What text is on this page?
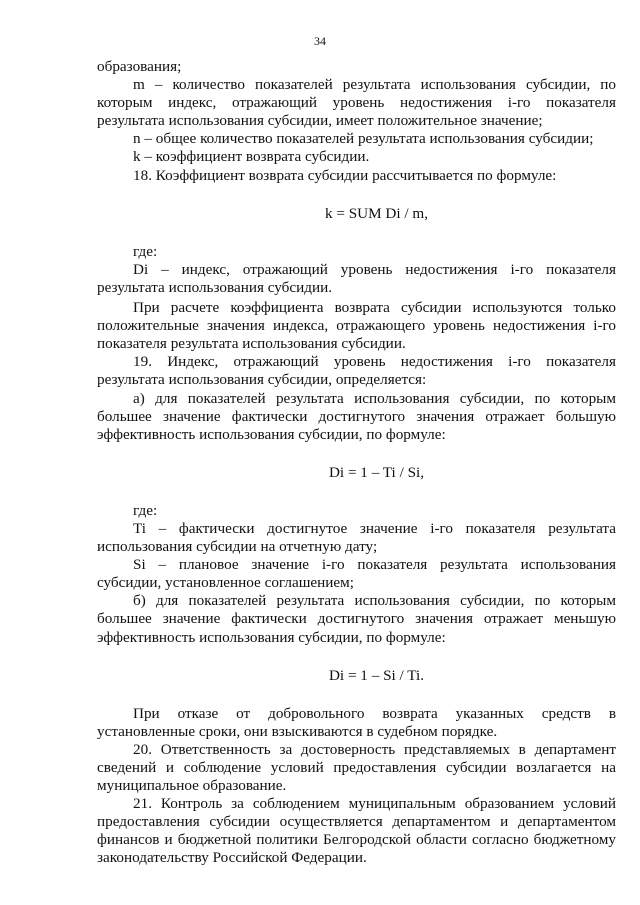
34

образования;

m – количество показателей результата использования субсидии, по которым индекс, отражающий уровень недостижения i-го показателя результата использования субсидии, имеет положительное значение;

n – общее количество показателей результата использования субсидии;

k – коэффициент возврата субсидии.

18. Коэффициент возврата субсидии рассчитывается по формуле:

k = SUM Di / m,

где:

Di – индекс, отражающий уровень недостижения i-го показателя результата использования субсидии.

При расчете коэффициента возврата субсидии используются только положительные значения индекса, отражающего уровень недостижения i-го показателя результата использования субсидии.

19. Индекс, отражающий уровень недостижения i-го показателя результата использования субсидии, определяется:

а) для показателей результата использования субсидии, по которым большее значение фактически достигнутого значения отражает большую эффективность использования субсидии, по формуле:

Di = 1 – Ti / Si,

где:

Ti – фактически достигнутое значение i-го показателя результата использования субсидии на отчетную дату;

Si – плановое значение i-го показателя результата использования субсидии, установленное соглашением;

б) для показателей результата использования субсидии, по которым большее значение фактически достигнутого значения отражает меньшую эффективность использования субсидии, по формуле:

Di = 1 – Si / Ti.

При отказе от добровольного возврата указанных средств в установленные сроки, они взыскиваются в судебном порядке.

20. Ответственность за достоверность представляемых в департамент сведений и соблюдение условий предоставления субсидии возлагается на муниципальное образование.

21. Контроль за соблюдением муниципальным образованием условий предоставления субсидии осуществляется департаментом и департаментом финансов и бюджетной политики Белгородской области согласно бюджетному законодательству Российской Федерации.
